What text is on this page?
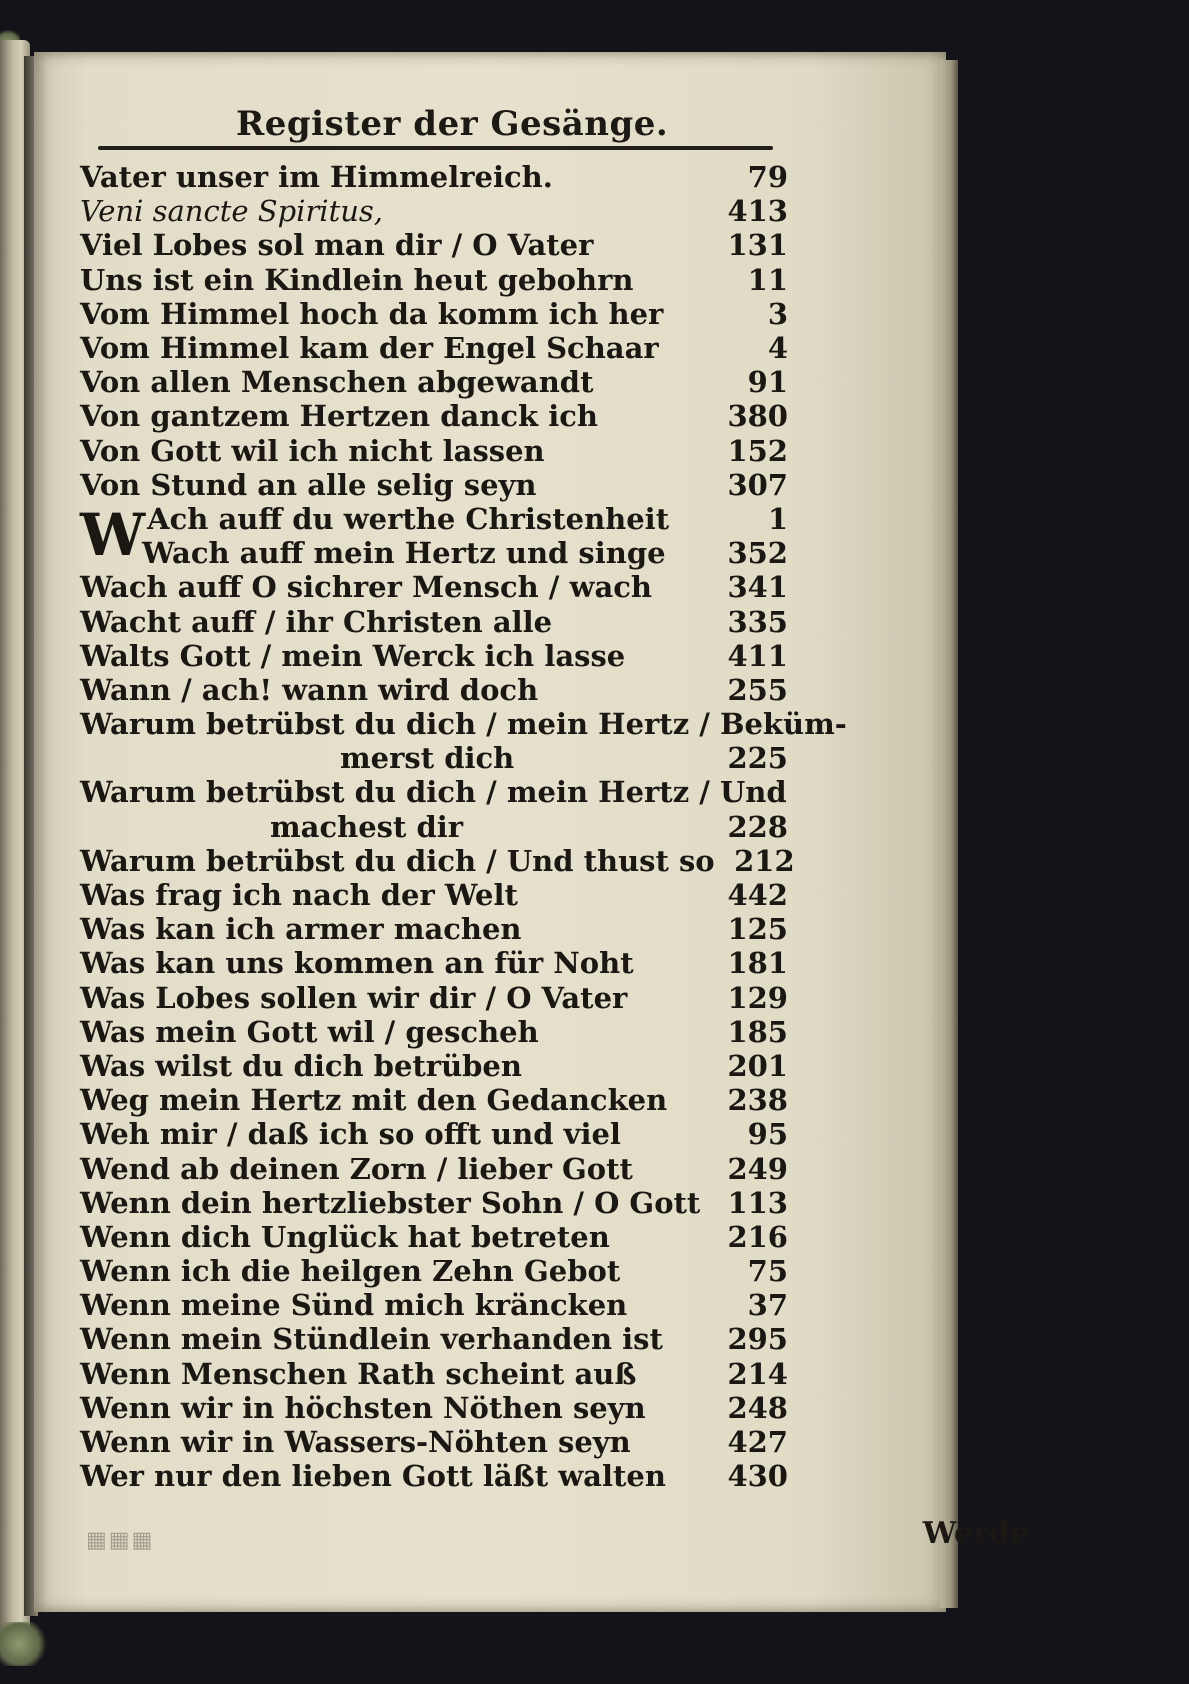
Register der Gesänge.
Vater unser im Himmelreich.	79
Veni sancte Spiritus,	413
Viel Lobes sol man dir / O Vater	131
Uns ist ein Kindlein heut gebohrn	11
Vom Himmel hoch da komm ich her	3
Vom Himmel kam der Engel Schaar	4
Von allen Menschen abgewandt	91
Von gantzem Hertzen danck ich	380
Von Gott wil ich nicht lassen	152
Von Stund an alle selig seyn	307
WAch auff du werthe Christenheit	1
Wach auff mein Hertz und singe	352
Wach auff O sichrer Mensch / wach	341
Wacht auff / ihr Christen alle	335
Walts Gott / mein Werck ich lasse	411
Wann / ach! wann wird doch	255
Warum betrübst du dich / mein Hertz / Beküm-
merst dich	225
Warum betrübst du dich / mein Hertz / Und
machest dir	228
Warum betrübst du dich / Und thust so 212
Was frag ich nach der Welt	442
Was kan ich armer machen	125
Was kan uns kommen an für Noht	181
Was Lobes sollen wir dir / O Vater	129
Was mein Gott wil / gescheh	185
Was wilst du dich betrüben	201
Weg mein Hertz mit den Gedancken	238
Weh mir / daß ich so offt und viel	95
Wend ab deinen Zorn / lieber Gott	249
Wenn dein hertzliebster Sohn / O Gott 113
Wenn dich Unglück hat betreten	216
Wenn ich die heilgen Zehn Gebot	75
Wenn meine Sünd mich kräncken	37
Wenn mein Stündlein verhanden ist	295
Wenn Menschen Rath scheint auß	214
Wenn wir in höchsten Nöthen seyn	248
Wenn wir in Wassers-Nöhten seyn	427
Wer nur den lieben Gott läßt walten	430
▦▦▦	Werde
